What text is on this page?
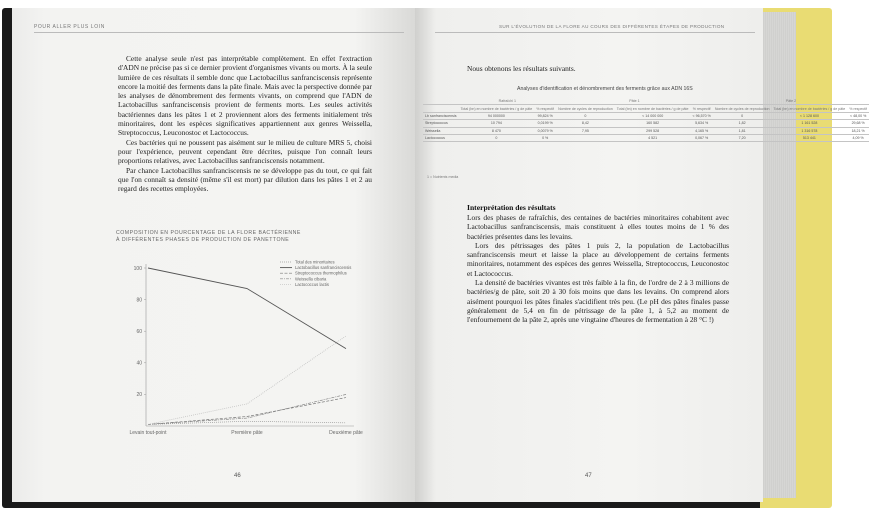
POUR ALLER PLUS LOIN

Cette analyse seule n'est pas interprétable complètement. En effet l'extraction d'ADN ne précise pas si ce dernier provient d'organismes vivants ou morts. À la seule lumière de ces résultats il semble donc que Lactobacillus sanfranciscensis représente encore la moitié des ferments dans la pâte finale. Mais avec la perspective donnée par les analyses de dénombrement des ferments vivants, on comprend que l'ADN de Lactobacillus sanfranciscensis provient de ferments morts. Les seules activités bactériennes dans les pâtes 1 et 2 proviennent alors des ferments initialement très minoritaires, dont les espèces significatives appartiennent aux genres Weissella, Streptococcus, Leuconostoc et Lactococcus.

Ces bactéries qui ne poussent pas aisément sur le milieu de culture MRS 5, choisi pour l'expérience, peuvent cependant être décrites, puisque l'on connaît leurs proportions relatives, avec Lactobacillus sanfranciscensis notamment.

Par chance Lactobacillus sanfranciscensis ne se développe pas du tout, ce qui fait que l'on connaît sa densité (même s'il est mort) par dilution dans les pâtes 1 et 2 au regard des recettes employées.

COMPOSITION EN POURCENTAGE DE LA FLORE BACTÉRIENNE
À DIFFÉRENTES PHASES DE PRODUCTION DE PANETTONE
20
40
60
80
100
Levain tout-point	Première pâte	Deuxième pâte
Total des minoritaires
Lactobacillus sanfranciscensis
Streptococcus thermophilus
Weissella cibaria
Lactococcus lactis
46
SUR L'ÉVOLUTION DE LA FLORE AU COURS DES DIFFÉRENTES ÉTAPES DE PRODUCTION
Nous obtenons les résultats suivants.
Analyses d'identification et dénombrement des ferments grâce aux ADN 16S
	Rafraîchi 1		Pâte 1			Pâte 2		
	Total (bn) en nombre de bactéries / g de pâte	% respectif	Nombre de cycles de reproduction	Total (bn) en nombre de bactéries / g de pâte	% respectif	Nombre de cycles de reproduction	Total (bn) en nombre de bactéries / g de pâte	% respectif
Lb sanfranciscensis	94 000000	99,824 %	0	< 14 000 000	< 96,570 %	0	< 1 128 600	< 48,00 %
Streptococcus	10 794	0,0199 %	8,42	160 582	5,634 %	1,82	1 161 528	29,68 %
Weissella	8 470	0,0079 %	7,95	299 528	4,165 %	1,81	1 316 578	18,21 %
Lactococcus	0	0 %		4 521	0,067 %	7,20	513 441	4,09 %
1 = Nutrients media
Interprétation des résultats

Lors des phases de rafraîchis, des centaines de bactéries minoritaires cohabitent avec Lactobacillus sanfranciscensis, mais constituent à elles toutes moins de 1 % des bactéries présentes dans les levains.

Lors des pétrissages des pâtes 1 puis 2, la population de Lactobacillus sanfranciscensis meurt et laisse la place au développement de certains ferments minoritaires, notamment des espèces des genres Weissella, Streptococcus, Leuconostoc et Lactococcus.

La densité de bactéries vivantes est très faible à la fin, de l'ordre de 2 à 3 millions de bactéries/g de pâte, soit 20 à 30 fois moins que dans les levains. On comprend alors aisément pourquoi les pâtes finales s'acidifient très peu. (Le pH des pâtes finales passe généralement de 5,4 en fin de pétrissage de la pâte 1, à 5,2 au moment de l'enfournement de la pâte 2, après une vingtaine d'heures de fermentation à 28 °C !)

47
